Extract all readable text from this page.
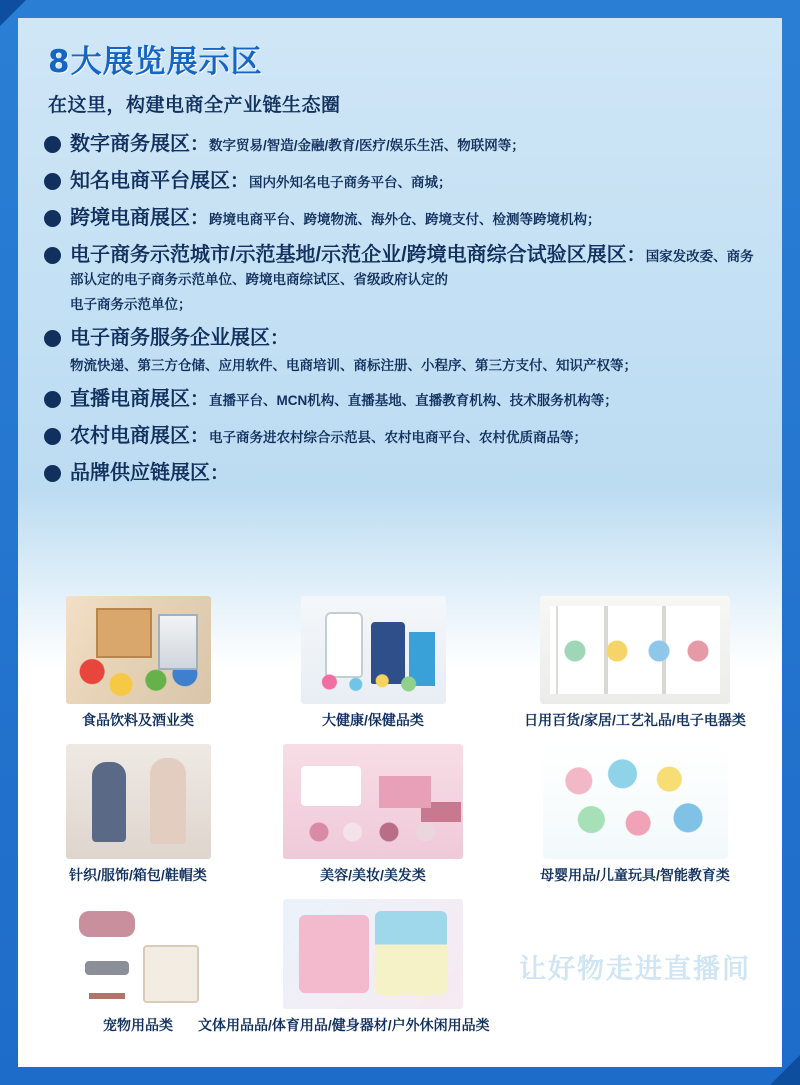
8大展览展示区
在这里，构建电商全产业链生态圈
数字商务展区：数字贸易/智造/金融/教育/医疗/娱乐生活、物联网等；
知名电商平台展区：国内外知名电子商务平台、商城；
跨境电商展区：跨境电商平台、跨境物流、海外仓、跨境支付、检测等跨境机构；
电子商务示范城市/示范基地/示范企业/跨境电商综合试验区展区：国家发改委、商务部认定的电子商务示范单位、跨境电商综试区、省级政府认定的
电子商务示范单位；
电子商务服务企业展区：
物流快递、第三方仓储、应用软件、电商培训、商标注册、小程序、第三方支付、知识产权等；
直播电商展区：直播平台、MCN机构、直播基地、直播教育机构、技术服务机构等；
农村电商展区：电子商务进农村综合示范县、农村电商平台、农村优质商品等；
品牌供应链展区：
食品饮料及酒业类	大健康/保健品类	日用百货/家居/工艺礼品/电子电器类
针织/服饰/箱包/鞋帽类	美容/美妆/美发类	母婴用品/儿童玩具/智能教育类
宠物用品类	文体用品品/体育用品/健身器材/户外休闲用品类
让好物走进直播间
